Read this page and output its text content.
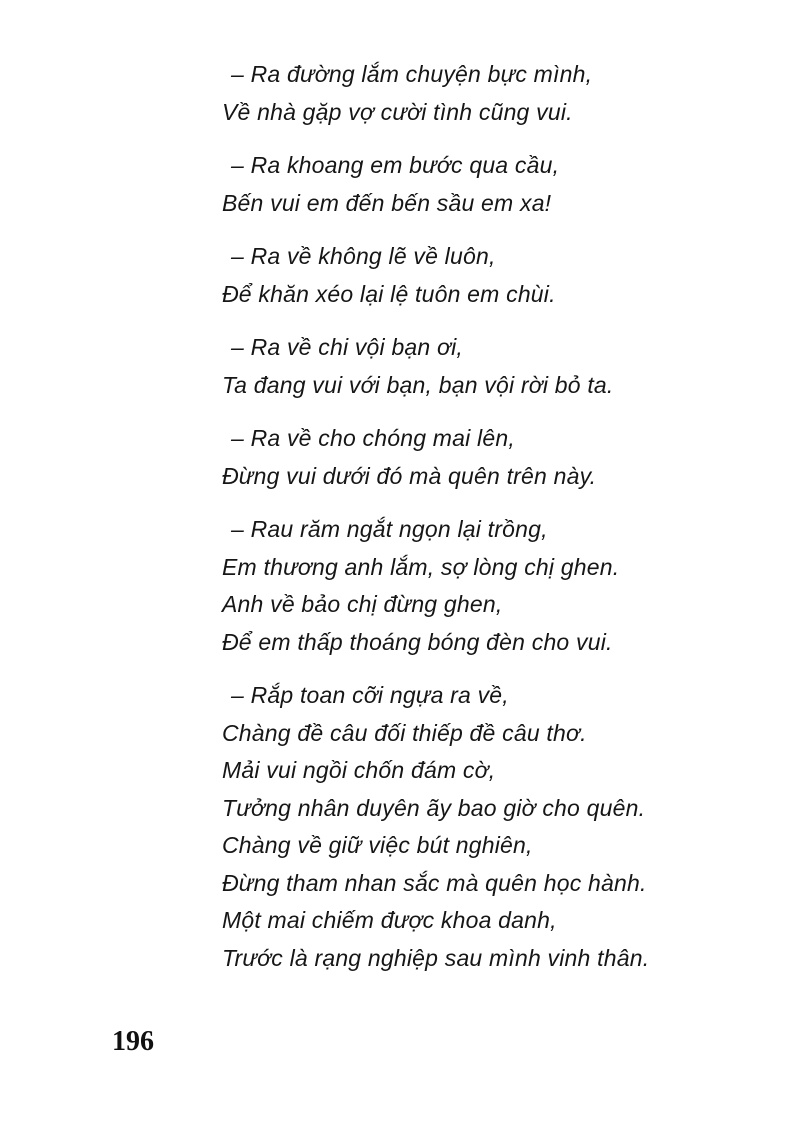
– Ra đường lắm chuyện bực mình,
Về nhà gặp vợ cười tình cũng vui.
– Ra khoang em bước qua cầu,
Bến vui em đến bến sầu em xa!
– Ra về không lẽ về luôn,
Để khăn xéo lại lệ tuôn em chùi.
– Ra về chi vội bạn ơi,
Ta đang vui với bạn, bạn vội rời bỏ ta.
– Ra về cho chóng mai lên,
Đừng vui dưới đó mà quên trên này.
– Rau răm ngắt ngọn lại trồng,
Em thương anh lắm, sợ lòng chị ghen.
Anh về bảo chị đừng ghen,
Để em thấp thoáng bóng đèn cho vui.
– Rắp toan cỡi ngựa ra về,
Chàng đề câu đối thiếp đề câu thơ.
Mải vui ngồi chốn đám cờ,
Tưởng nhân duyên ãy bao giờ cho quên.
Chàng về giữ việc bút nghiên,
Đừng tham nhan sắc mà quên học hành.
Một mai chiếm được khoa danh,
Trước là rạng nghiệp sau mình vinh thân.
196
